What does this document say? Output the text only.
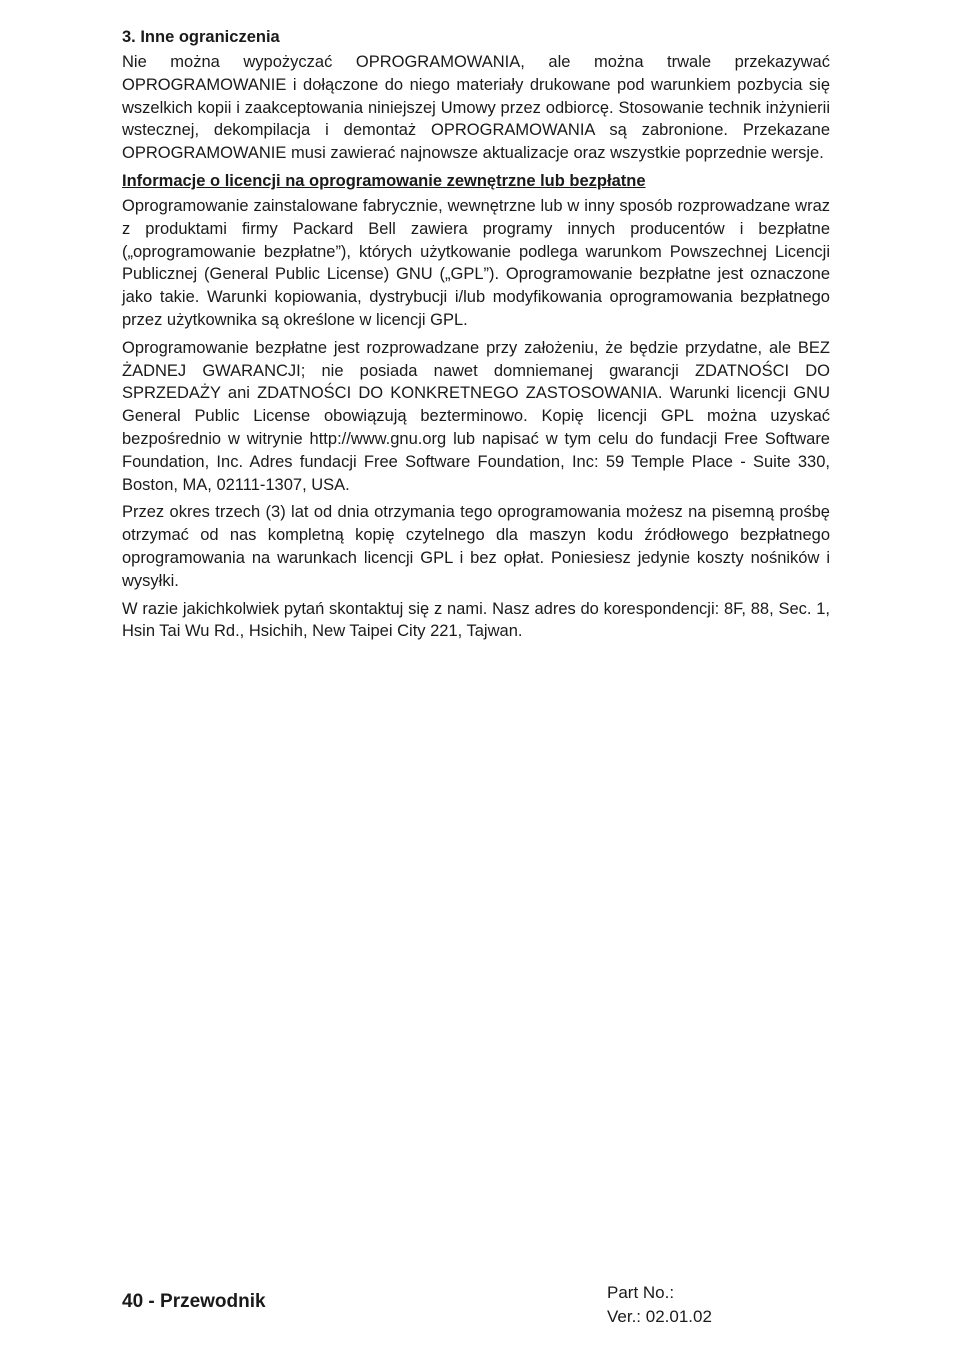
3. Inne ograniczenia

Nie można wypożyczać OPROGRAMOWANIA, ale można trwale przekazywać OPROGRAMOWANIE i dołączone do niego materiały drukowane pod warunkiem pozbycia się wszelkich kopii i zaakceptowania niniejszej Umowy przez odbiorcę. Stosowanie technik inżynierii wstecznej, dekompilacja i demontaż OPROGRAMOWANIA są zabronione. Przekazane OPROGRAMOWANIE musi zawierać najnowsze aktualizacje oraz wszystkie poprzednie wersje.

Informacje o licencji na oprogramowanie zewnętrzne lub bezpłatne

Oprogramowanie zainstalowane fabrycznie, wewnętrzne lub w inny sposób rozprowadzane wraz z produktami firmy Packard Bell zawiera programy innych producentów i bezpłatne („oprogramowanie bezpłatne”), których użytkowanie podlega warunkom Powszechnej Licencji Publicznej (General Public License) GNU („GPL”). Oprogramowanie bezpłatne jest oznaczone jako takie. Warunki kopiowania, dystrybucji i/lub modyfikowania oprogramowania bezpłatnego przez użytkownika są określone w licencji GPL.

Oprogramowanie bezpłatne jest rozprowadzane przy założeniu, że będzie przydatne, ale BEZ ŻADNEJ GWARANCJI; nie posiada nawet domniemanej gwarancji ZDATNOŚCI DO SPRZEDAŻY ani ZDATNOŚCI DO KONKRETNEGO ZASTOSOWANIA. Warunki licencji GNU General Public License obowiązują bezterminowo. Kopię licencji GPL można uzyskać bezpośrednio w witrynie http://www.gnu.org lub napisać w tym celu do fundacji Free Software Foundation, Inc. Adres fundacji Free Software Foundation, Inc: 59 Temple Place - Suite 330, Boston, MA, 02111-1307, USA.

Przez okres trzech (3) lat od dnia otrzymania tego oprogramowania możesz na pisemną prośbę otrzymać od nas kompletną kopię czytelnego dla maszyn kodu źródłowego bezpłatnego oprogramowania na warunkach licencji GPL i bez opłat. Poniesiesz jedynie koszty nośników i wysyłki.

W razie jakichkolwiek pytań skontaktuj się z nami. Nasz adres do korespondencji: 8F, 88, Sec. 1, Hsin Tai Wu Rd., Hsichih, New Taipei City 221, Tajwan.

40 - Przewodnik	Part No.:
Ver.: 02.01.02
